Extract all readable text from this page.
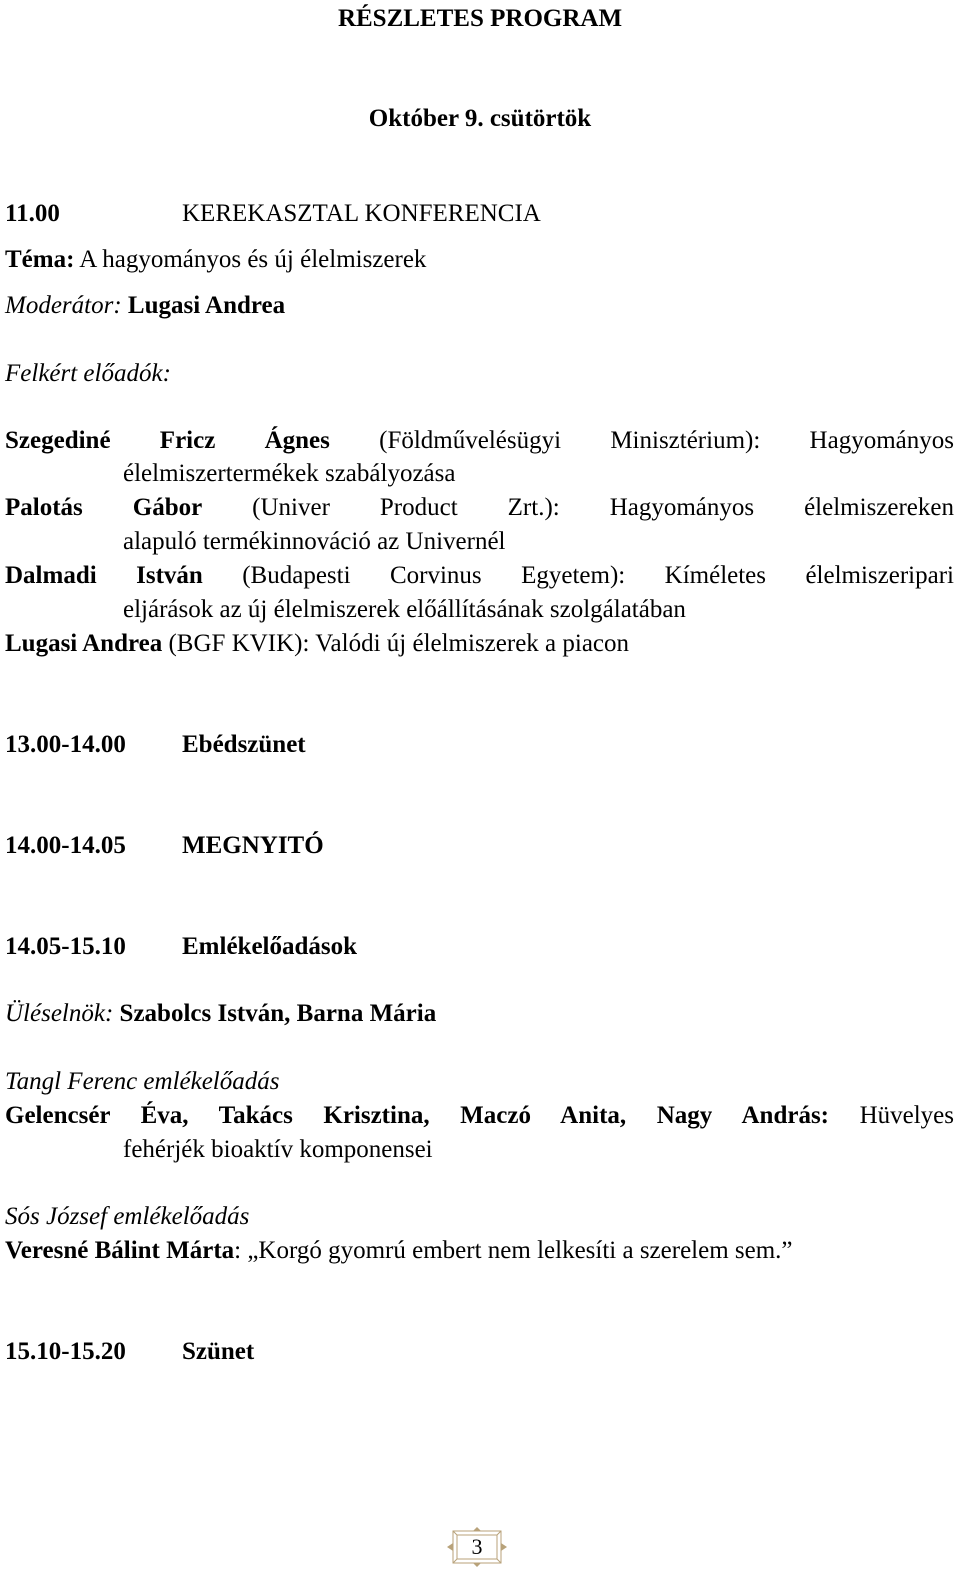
RÉSZLETES PROGRAM
Október 9. csütörtök
11.00	KEREKASZTAL KONFERENCIA
Téma: A hagyományos és új élelmiszerek
Moderátor: Lugasi Andrea
Felkért előadók:
Szegediné Fricz Ágnes (Földművelésügyi Minisztérium): Hagyományos
élelmiszertermékek szabályozása
Palotás Gábor (Univer Product Zrt.): Hagyományos élelmiszereken
alapuló termékinnováció az Univernél
Dalmadi István (Budapesti Corvinus Egyetem): Kíméletes élelmiszeripari
eljárások az új élelmiszerek előállításának szolgálatában
Lugasi Andrea (BGF KVIK): Valódi új élelmiszerek a piacon
13.00-14.00 Ebédszünet
14.00-14.05 MEGNYITÓ
14.05-15.10 Emlékelőadások
Üléselnök: Szabolcs István, Barna Mária
Tangl Ferenc emlékelőadás
Gelencsér Éva, Takács Krisztina, Maczó Anita, Nagy András: Hüvelyes
fehérjék bioaktív komponensei
Sós József emlékelőadás
Veresné Bálint Márta: „Korgó gyomrú embert nem lelkesíti a szerelem sem.”
15.10-15.20 Szünet
3
